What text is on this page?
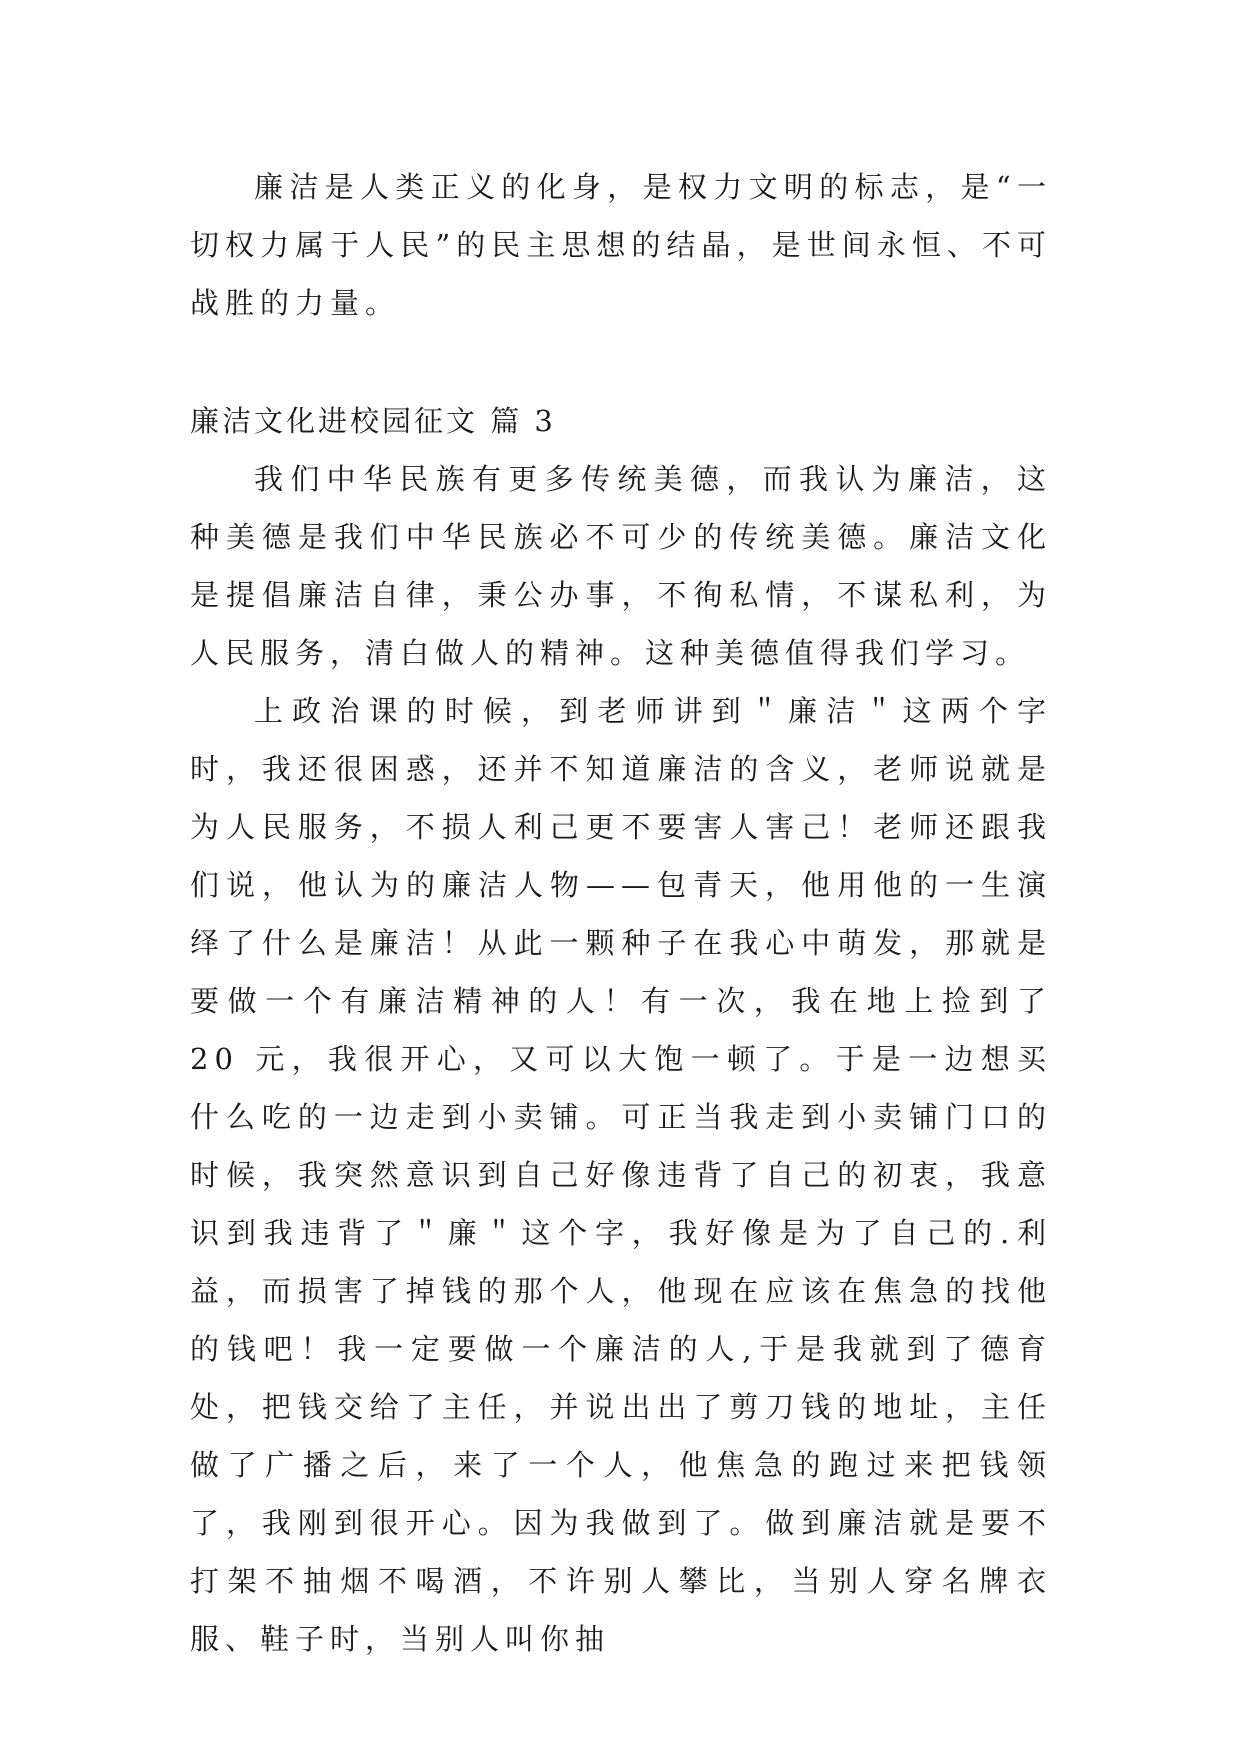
廉洁是人类正义的化身，是权力文明的标志，是“一切权力属于人民”的民主思想的结晶，是世间永恒、不可战胜的力量。

廉洁文化进校园征文 篇 3

我们中华民族有更多传统美德，而我认为廉洁，这种美德是我们中华民族必不可少的传统美德。廉洁文化是提倡廉洁自律，秉公办事，不徇私情，不谋私利，为人民服务，清白做人的精神。这种美德值得我们学习。

上政治课的时候，到老师讲到＂廉洁＂这两个字时，我还很困惑，还并不知道廉洁的含义，老师说就是为人民服务，不损人利己更不要害人害己！老师还跟我们说，他认为的廉洁人物——包青天，他用他的一生演绎了什么是廉洁！从此一颗种子在我心中萌发，那就是要做一个有廉洁精神的人！有一次，我在地上捡到了 20 元，我很开心，又可以大饱一顿了。于是一边想买什么吃的一边走到小卖铺。可正当我走到小卖铺门口的时候，我突然意识到自己好像违背了自己的初衷，我意识到我违背了＂廉＂这个字，我好像是为了自己的.利益，而损害了掉钱的那个人，他现在应该在焦急的找他的钱吧！我一定要做一个廉洁的人,于是我就到了德育处，把钱交给了主任，并说出出了剪刀钱的地址，主任做了广播之后，来了一个人，他焦急的跑过来把钱领了，我刚到很开心。因为我做到了。做到廉洁就是要不打架不抽烟不喝酒，不许别人攀比，当别人穿名牌衣服、鞋子时，当别人叫你抽
